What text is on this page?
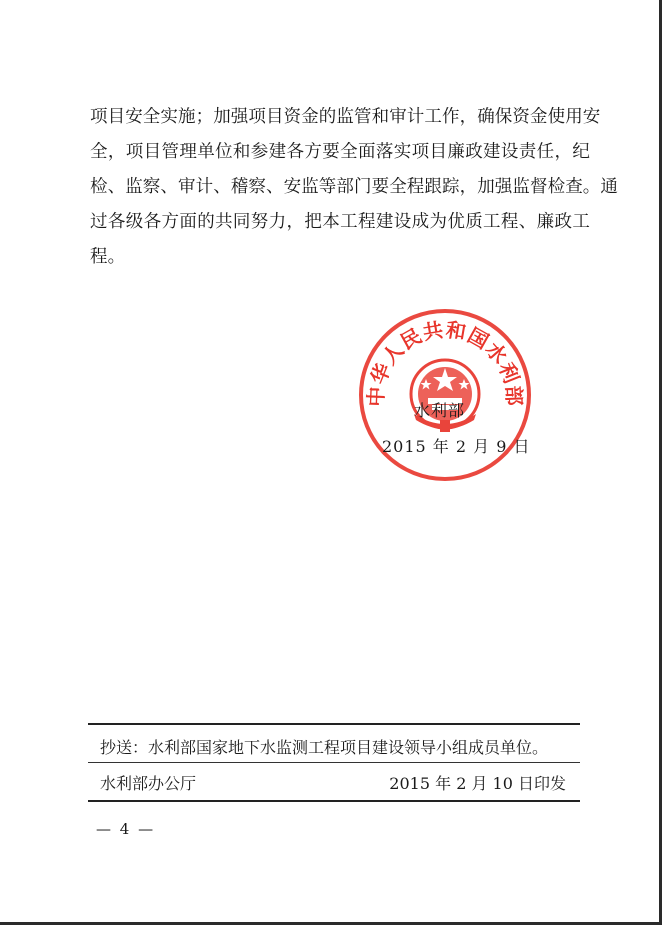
项目安全实施；加强项目资金的监管和审计工作，确保资金使用安
全，项目管理单位和参建各方要全面落实项目廉政建设责任，纪
检、监察、审计、稽察、安监等部门要全程跟踪，加强监督检查。通
过各级各方面的共同努力，把本工程建设成为优质工程、廉政工
程。
中华人民共和国水利部
水利部
2015 年 2 月 9 日
抄送：水利部国家地下水监测工程项目建设领导小组成员单位。
水利部办公厅	2015 年 2 月 10 日印发
— 4 —
